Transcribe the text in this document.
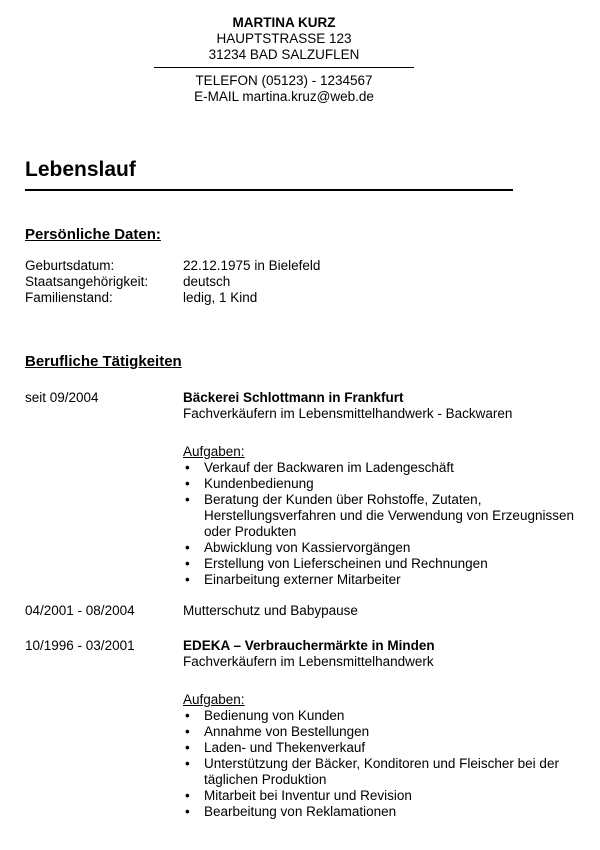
MARTINA KURZ
HAUPTSTRASSE 123
31234 BAD SALZUFLEN
TELEFON (05123) - 1234567
E-MAIL martina.kruz@web.de
Lebenslauf
Persönliche Daten:
Geburtsdatum:	22.12.1975 in Bielefeld
Staatsangehörigkeit:	deutsch
Familienstand:	ledig, 1 Kind
Berufliche Tätigkeiten
seit 09/2004	Bäckerei Schlottmann in Frankfurt
Fachverkäufern im Lebensmittelhandwerk - Backwaren
Aufgaben:
• Verkauf der Backwaren im Ladengeschäft
• Kundenbedienung
• Beratung der Kunden über Rohstoffe, Zutaten, Herstellungsverfahren und die Verwendung von Erzeugnissen oder Produkten
• Abwicklung von Kassiervorgängen
• Erstellung von Lieferscheinen und Rechnungen
• Einarbeitung externer Mitarbeiter
04/2001 - 08/2004	Mutterschutz und Babypause
10/1996 - 03/2001	EDEKA – Verbrauchermärkte in Minden
Fachverkäufern im Lebensmittelhandwerk
Aufgaben:
• Bedienung von Kunden
• Annahme von Bestellungen
• Laden- und Thekenverkauf
• Unterstützung der Bäcker, Konditoren und Fleischer bei der täglichen Produktion
• Mitarbeit bei Inventur und Revision
• Bearbeitung von Reklamationen
